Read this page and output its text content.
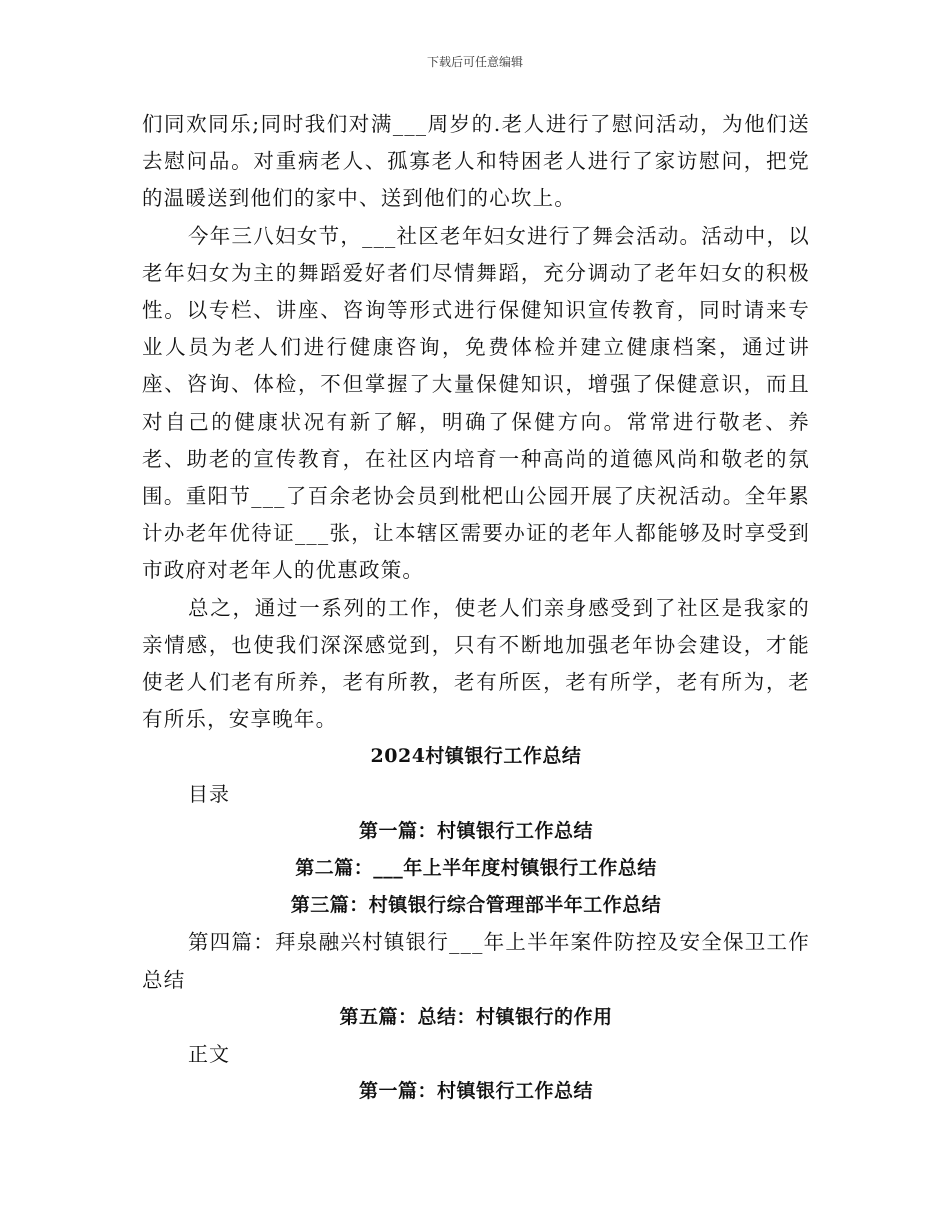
下载后可任意编辑

们同欢同乐;同时我们对满___周岁的.老人进行了慰问活动，为他们送去慰问品。对重病老人、孤寡老人和特困老人进行了家访慰问，把党的温暖送到他们的家中、送到他们的心坎上。

今年三八妇女节，___社区老年妇女进行了舞会活动。活动中，以老年妇女为主的舞蹈爱好者们尽情舞蹈，充分调动了老年妇女的积极性。以专栏、讲座、咨询等形式进行保健知识宣传教育，同时请来专业人员为老人们进行健康咨询，免费体检并建立健康档案，通过讲座、咨询、体检，不但掌握了大量保健知识，增强了保健意识，而且对自己的健康状况有新了解，明确了保健方向。常常进行敬老、养老、助老的宣传教育，在社区内培育一种高尚的道德风尚和敬老的氛围。重阳节___了百余老协会员到枇杷山公园开展了庆祝活动。全年累计办老年优待证___张，让本辖区需要办证的老年人都能够及时享受到市政府对老年人的优惠政策。

总之，通过一系列的工作，使老人们亲身感受到了社区是我家的亲情感，也使我们深深感觉到，只有不断地加强老年协会建设，才能使老人们老有所养，老有所教，老有所医，老有所学，老有所为，老有所乐，安享晚年。

2024村镇银行工作总结

目录

第一篇：村镇银行工作总结

第二篇：___年上半年度村镇银行工作总结

第三篇：村镇银行综合管理部半年工作总结

第四篇：拜泉融兴村镇银行___年上半年案件防控及安全保卫工作总结

第五篇：总结：村镇银行的作用

正文

第一篇：村镇银行工作总结
